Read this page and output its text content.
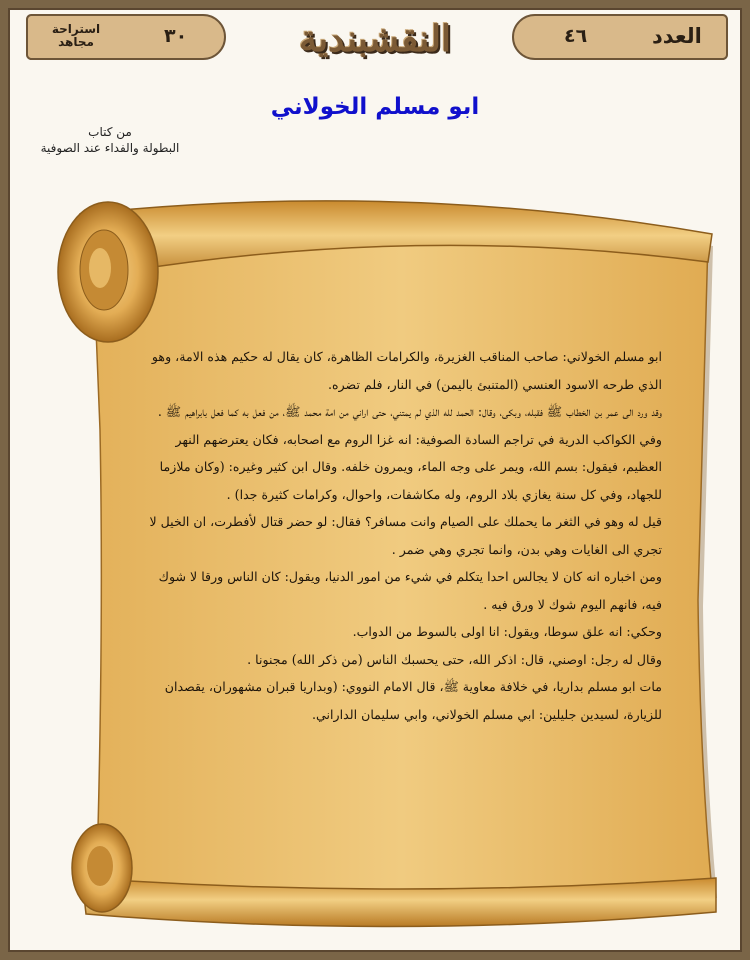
استراحة
مجاهد	٣٠	النقشبندية	٤٦	العدد
ابو مسلم الخولاني
من كتاب
البطولة والفداء عند الصوفية

ابو مسلم الخولاني: صاحب المناقب الغزيرة، والكرامات الظاهرة، كان يقال له حكيم هذه الامة، وهو الذي طرحه الاسود العنسي (المتنبئ باليمن) في النار، فلم تضره.

وقد ورد الى عمر بن الخطاب ﷺ فقبله، وبكى، وقال: الحمد لله الذي لم يمتني، حتى اراني من امة محمد ﷺ، من فعل به كما فعل بابراهيم ﷺ .

وفي الكواكب الدرية في تراجم السادة الصوفية: انه غزا الروم مع اصحابه، فكان يعترضهم النهر العظيم، فيقول: بسم الله، ويمر على وجه الماء، ويمرون خلفه. وقال ابن كثير وغيره: (وكان ملازما للجهاد، وفي كل سنة يغازي بلاد الروم، وله مكاشفات، واحوال، وكرامات كثيرة جدا) .

قيل له وهو في الثغر ما يحملك على الصيام وانت مسافر؟ فقال: لو حضر قتال لأفطرت، ان الخيل لا تجري الى الغايات وهي بدن، وانما تجري وهي ضمر .

ومن اخباره انه كان لا يجالس احدا يتكلم في شيء من امور الدنيا، ويقول: كان الناس ورقا لا شوك فيه، فانهم اليوم شوك لا ورق فيه .

وحكي: انه علق سوطا، ويقول: انا اولى بالسوط من الدواب.

وقال له رجل: اوصني، قال: اذكر الله، حتى يحسبك الناس (من ذكر الله) مجنونا .

مات ابو مسلم بداريا، في خلافة معاوية ﷺ، قال الامام النووي: (وبداريا قبران مشهوران، يقصدان للزيارة، لسيدين جليلين: ابي مسلم الخولاني، وابي سليمان الداراني.
